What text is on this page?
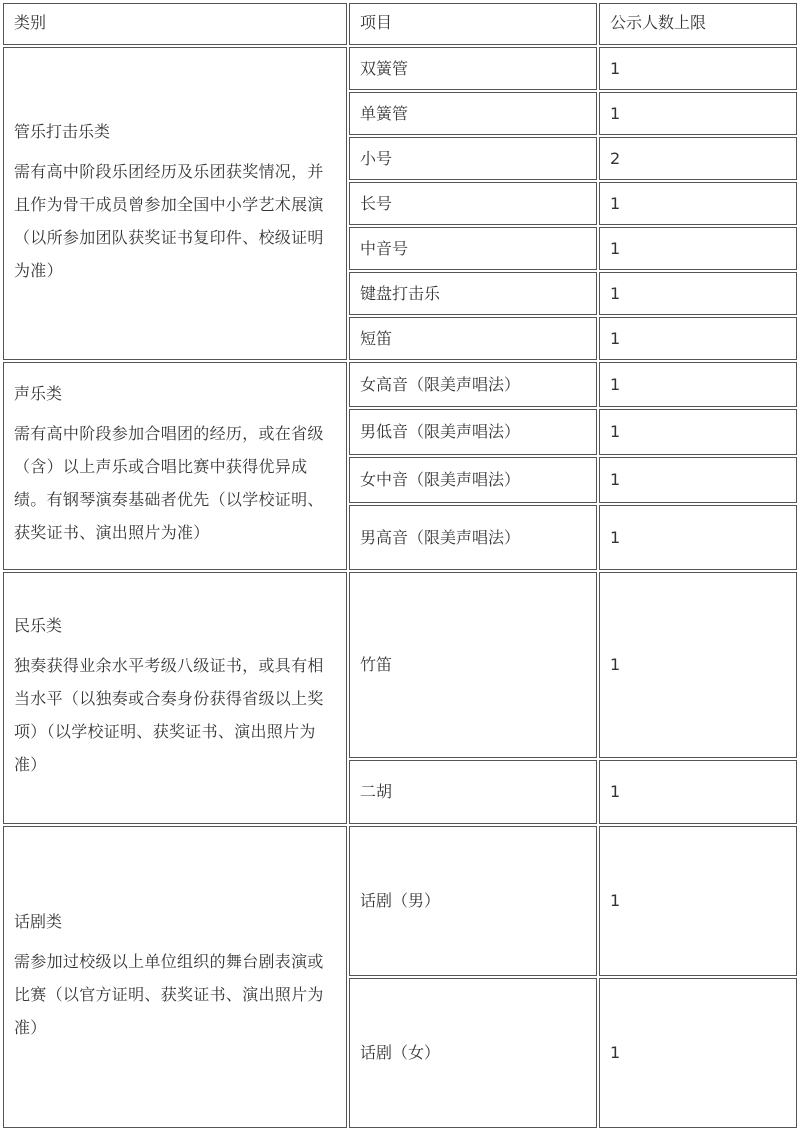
类别	项目	公示人数上限
管乐打击乐类
需有高中阶段乐团经历及乐团获奖情况，并且作为骨干成员曾参加全国中小学艺术展演（以所参加团队获奖证书复印件、校级证明为准）
双簧管	1
单簧管	1
小号	2
长号	1
中音号	1
键盘打击乐	1
短笛	1
声乐类
需有高中阶段参加合唱团的经历，或在省级（含）以上声乐或合唱比赛中获得优异成绩。有钢琴演奏基础者优先（以学校证明、获奖证书、演出照片为准）
女高音（限美声唱法）	1
男低音（限美声唱法）	1
女中音（限美声唱法）	1
男高音（限美声唱法）	1
民乐类
独奏获得业余水平考级八级证书，或具有相当水平（以独奏或合奏身份获得省级以上奖项）（以学校证明、获奖证书、演出照片为准）
竹笛	1
二胡	1
话剧类
需参加过校级以上单位组织的舞台剧表演或比赛（以官方证明、获奖证书、演出照片为准）
话剧（男）	1
话剧（女）	1
